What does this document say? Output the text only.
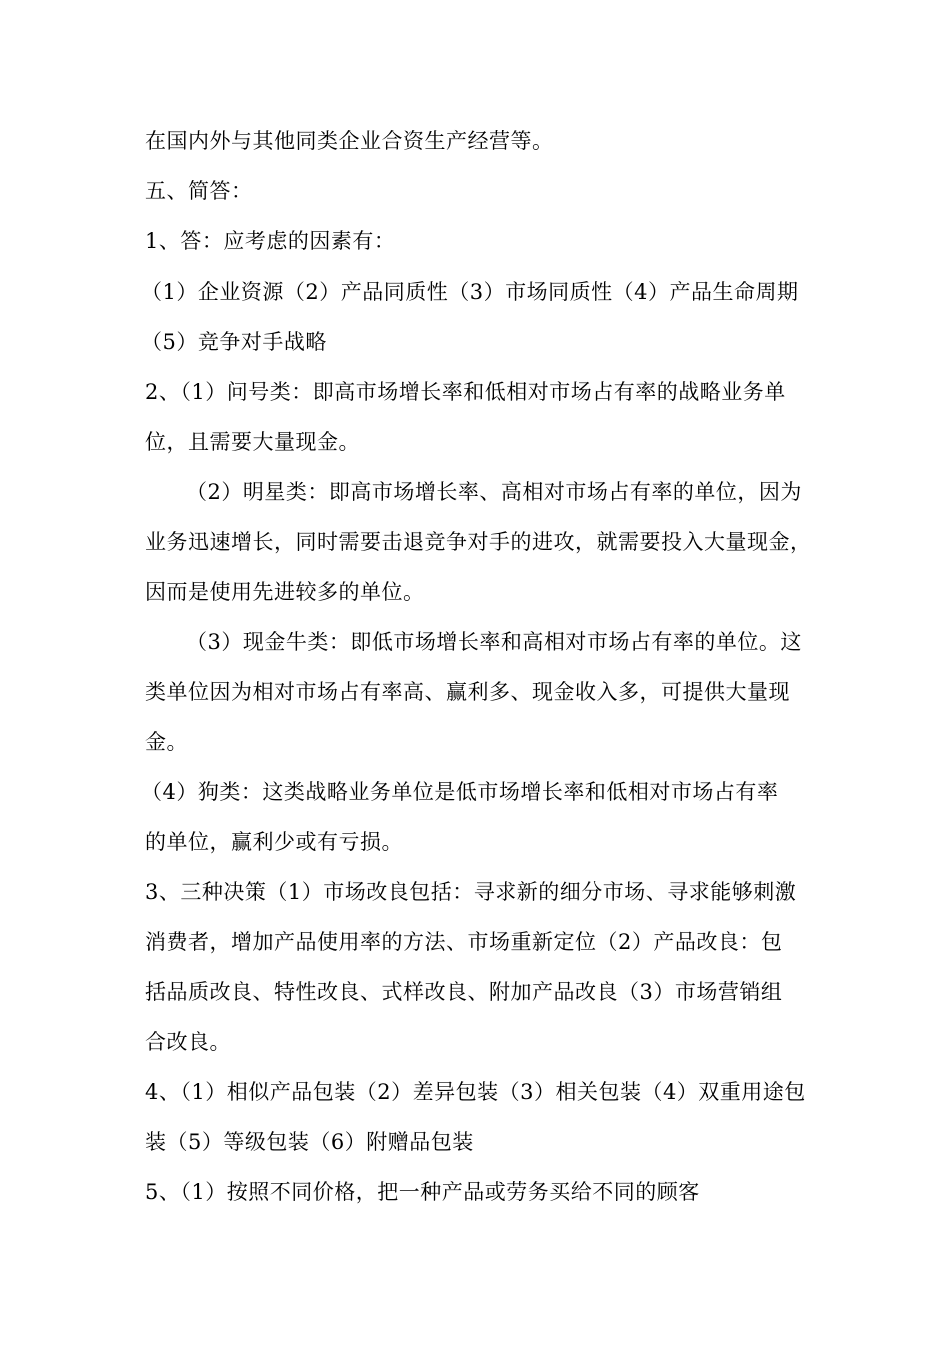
在国内外与其他同类企业合资生产经营等。
五、简答：
1、答：应考虑的因素有：
（1）企业资源（2）产品同质性（3）市场同质性（4）产品生命周期
（5）竞争对手战略
2、（1）问号类：即高市场增长率和低相对市场占有率的战略业务单
位，且需要大量现金。
（2）明星类：即高市场增长率、高相对市场占有率的单位，因为
业务迅速增长，同时需要击退竞争对手的进攻，就需要投入大量现金，
因而是使用先进较多的单位。
（3）现金牛类：即低市场增长率和高相对市场占有率的单位。这
类单位因为相对市场占有率高、赢利多、现金收入多，可提供大量现
金。
（4）狗类：这类战略业务单位是低市场增长率和低相对市场占有率
的单位，赢利少或有亏损。
3、三种决策（1）市场改良包括：寻求新的细分市场、寻求能够刺激
消费者，增加产品使用率的方法、市场重新定位（2）产品改良：包
括品质改良、特性改良、式样改良、附加产品改良（3）市场营销组
合改良。
4、（1）相似产品包装（2）差异包装（3）相关包装（4）双重用途包
装（5）等级包装（6）附赠品包装
5、（1）按照不同价格，把一种产品或劳务买给不同的顾客
